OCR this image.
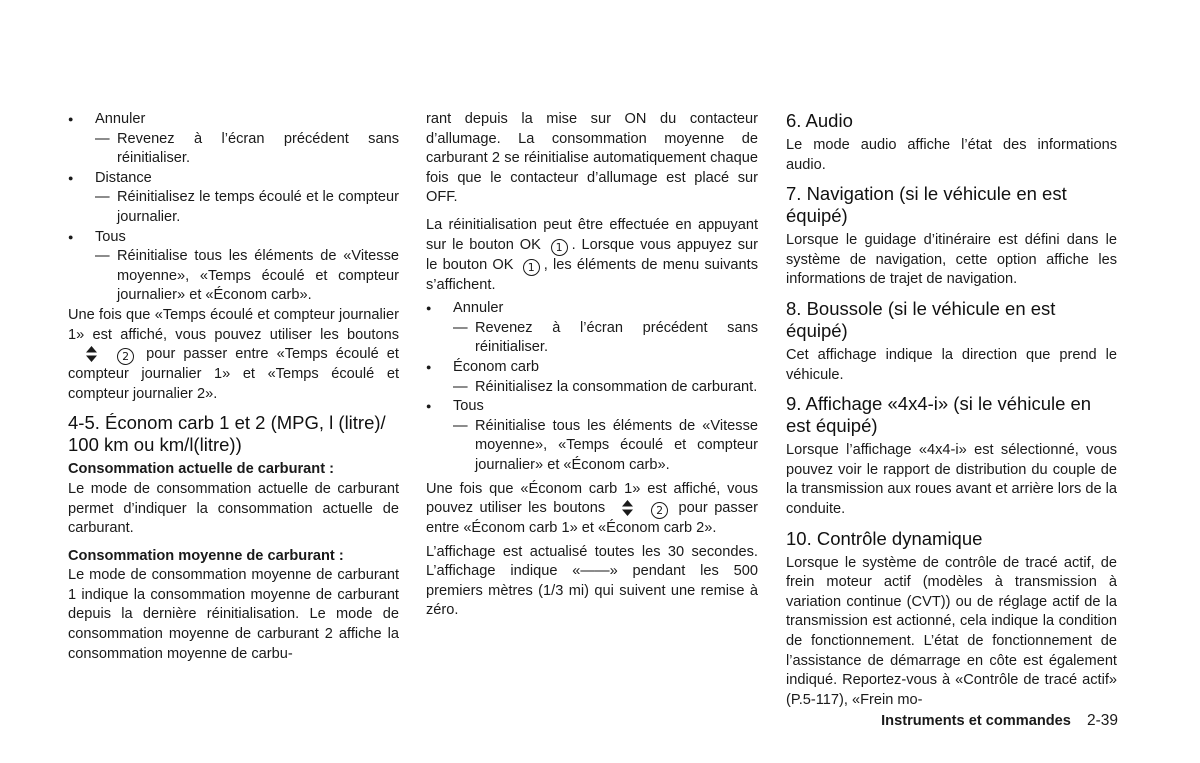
●	Annuler
— Revenez à l’écran précédent sans réinitialiser.
●	Distance
— Réinitialisez le temps écoulé et le compteur journalier.
●	Tous
— Réinitialise tous les éléments de «Vitesse moyenne», «Temps écoulé et compteur journalier» et «Économ carb».

Une fois que «Temps écoulé et compteur journalier 1» est affiché, vous pouvez utiliser les boutons  2 pour passer entre «Temps écoulé et compteur journalier 1» et «Temps écoulé et compteur journalier 2».

4-5. Économ carb 1 et 2 (MPG, l (litre)/ 100 km ou km/l(litre))

Consommation actuelle de carburant :

Le mode de consommation actuelle de carburant permet d’indiquer la consommation actuelle de carburant.

Consommation moyenne de carburant :

Le mode de consommation moyenne de carburant 1 indique la consommation moyenne de carburant depuis la dernière réinitialisation. Le mode de consommation moyenne de carburant 2 affiche la consommation moyenne de carbu-

rant depuis la mise sur ON du contacteur d’allumage. La consommation moyenne de carburant 2 se réinitialise automatiquement chaque fois que le contacteur d’allumage est placé sur OFF.

La réinitialisation peut être effectuée en appuyant sur le bouton OK 1 . Lorsque vous appuyez sur le bouton OK 1 , les éléments de menu suivants s’affichent.

●	Annuler
— Revenez à l’écran précédent sans réinitialiser.
●	Économ carb
— Réinitialisez la consommation de carburant.
●	Tous
— Réinitialise tous les éléments de «Vitesse moyenne», «Temps écoulé et compteur journalier» et «Économ carb».

Une fois que «Économ carb 1» est affiché, vous pouvez utiliser les boutons	2 pour passer entre «Économ carb 1» et «Économ carb 2».

L’affichage est actualisé toutes les 30 secondes. L’affichage indique «——» pendant les 500 premiers mètres (1/3 mi) qui suivent une remise à zéro.

6. Audio

Le mode audio affiche l’état des informations audio.

7. Navigation (si le véhicule en est équipé)

Lorsque le guidage d’itinéraire est défini dans le système de navigation, cette option affiche les informations de trajet de navigation.

8. Boussole (si le véhicule en est équipé)

Cet affichage indique la direction que prend le véhicule.

9. Affichage «4x4-i» (si le véhicule en est équipé)

Lorsque l’affichage «4x4-i» est sélectionné, vous pouvez voir le rapport de distribution du couple de la transmission aux roues avant et arrière lors de la conduite.

10. Contrôle dynamique

Lorsque le système de contrôle de tracé actif, de frein moteur actif (modèles à transmission à variation continue (CVT)) ou de réglage actif de la transmission est actionné, cela indique la condition de fonctionnement. L’état de fonctionnement de l’assistance de démarrage en côte est également indiqué. Reportez-vous à «Contrôle de tracé actif» (P.5-117), «Frein mo-

Instruments et commandes 2-39
